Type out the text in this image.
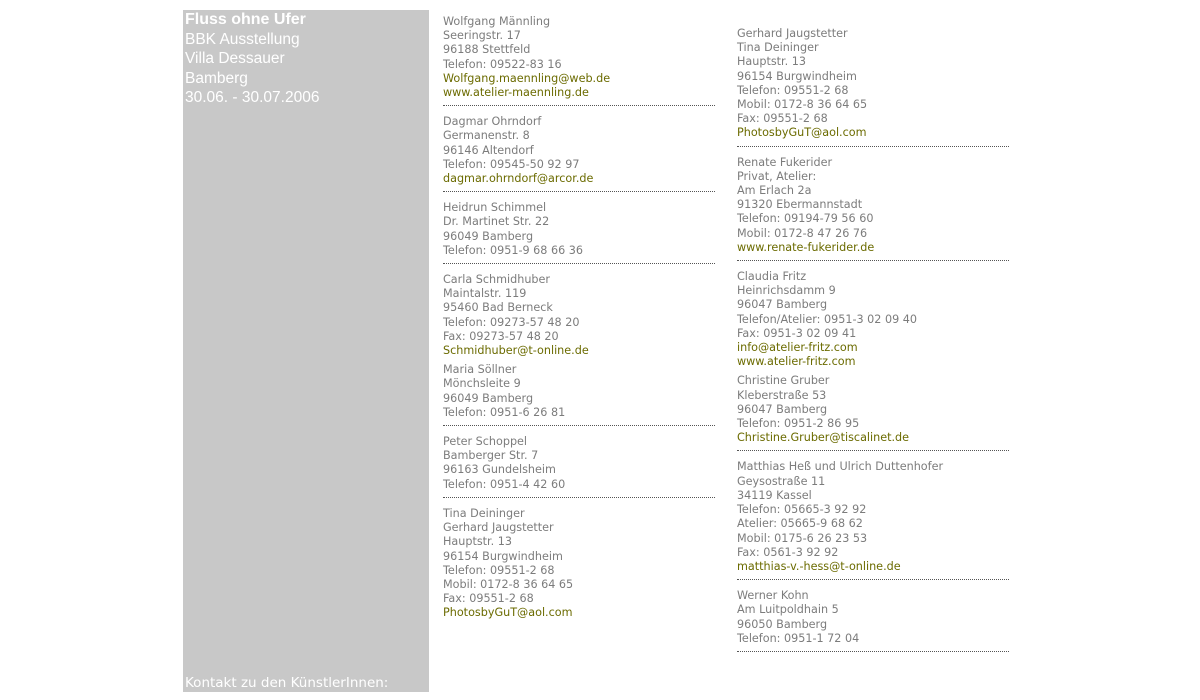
Fluss ohne Ufer
BBK Ausstellung
Villa Dessauer
Bamberg
30.06. - 30.07.2006
Kontakt zu den KünstlerInnen:
Wolfgang Männling
Seeringstr. 17
96188 Stettfeld
Telefon: 09522-83 16
Wolfgang.maennling@web.de
www.atelier-maennling.de
Dagmar Ohrndorf
Germanenstr. 8
96146 Altendorf
Telefon: 09545-50 92 97
dagmar.ohrndorf@arcor.de
Heidrun Schimmel
Dr. Martinet Str. 22
96049 Bamberg
Telefon: 0951-9 68 66 36
Carla Schmidhuber
Maintalstr. 119
95460 Bad Berneck
Telefon: 09273-57 48 20
Fax: 09273-57 48 20
Schmidhuber@t-online.de
Maria Söllner
Mönchsleite 9
96049 Bamberg
Telefon: 0951-6 26 81
Peter Schoppel
Bamberger Str. 7
96163 Gundelsheim
Telefon: 0951-4 42 60
Tina Deininger
Gerhard Jaugstetter
Hauptstr. 13
96154 Burgwindheim
Telefon: 09551-2 68
Mobil: 0172-8 36 64 65
Fax: 09551-2 68
PhotosbyGuT@aol.com
Gerhard Jaugstetter
Tina Deininger
Hauptstr. 13
96154 Burgwindheim
Telefon: 09551-2 68
Mobil: 0172-8 36 64 65
Fax: 09551-2 68
PhotosbyGuT@aol.com
Renate Fukerider
Privat, Atelier:
Am Erlach 2a
91320 Ebermannstadt
Telefon: 09194-79 56 60
Mobil: 0172-8 47 26 76
www.renate-fukerider.de
Claudia Fritz
Heinrichsdamm 9
96047 Bamberg
Telefon/Atelier: 0951-3 02 09 40
Fax: 0951-3 02 09 41
info@atelier-fritz.com
www.atelier-fritz.com
Christine Gruber
Kleberstraße 53
96047 Bamberg
Telefon: 0951-2 86 95
Christine.Gruber@tiscalinet.de
Matthias Heß und Ulrich Duttenhofer
Geysostraße 11
34119 Kassel
Telefon: 05665-3 92 92
Atelier: 05665-9 68 62
Mobil: 0175-6 26 23 53
Fax: 0561-3 92 92
matthias-v.-hess@t-online.de
Werner Kohn
Am Luitpoldhain 5
96050 Bamberg
Telefon: 0951-1 72 04
